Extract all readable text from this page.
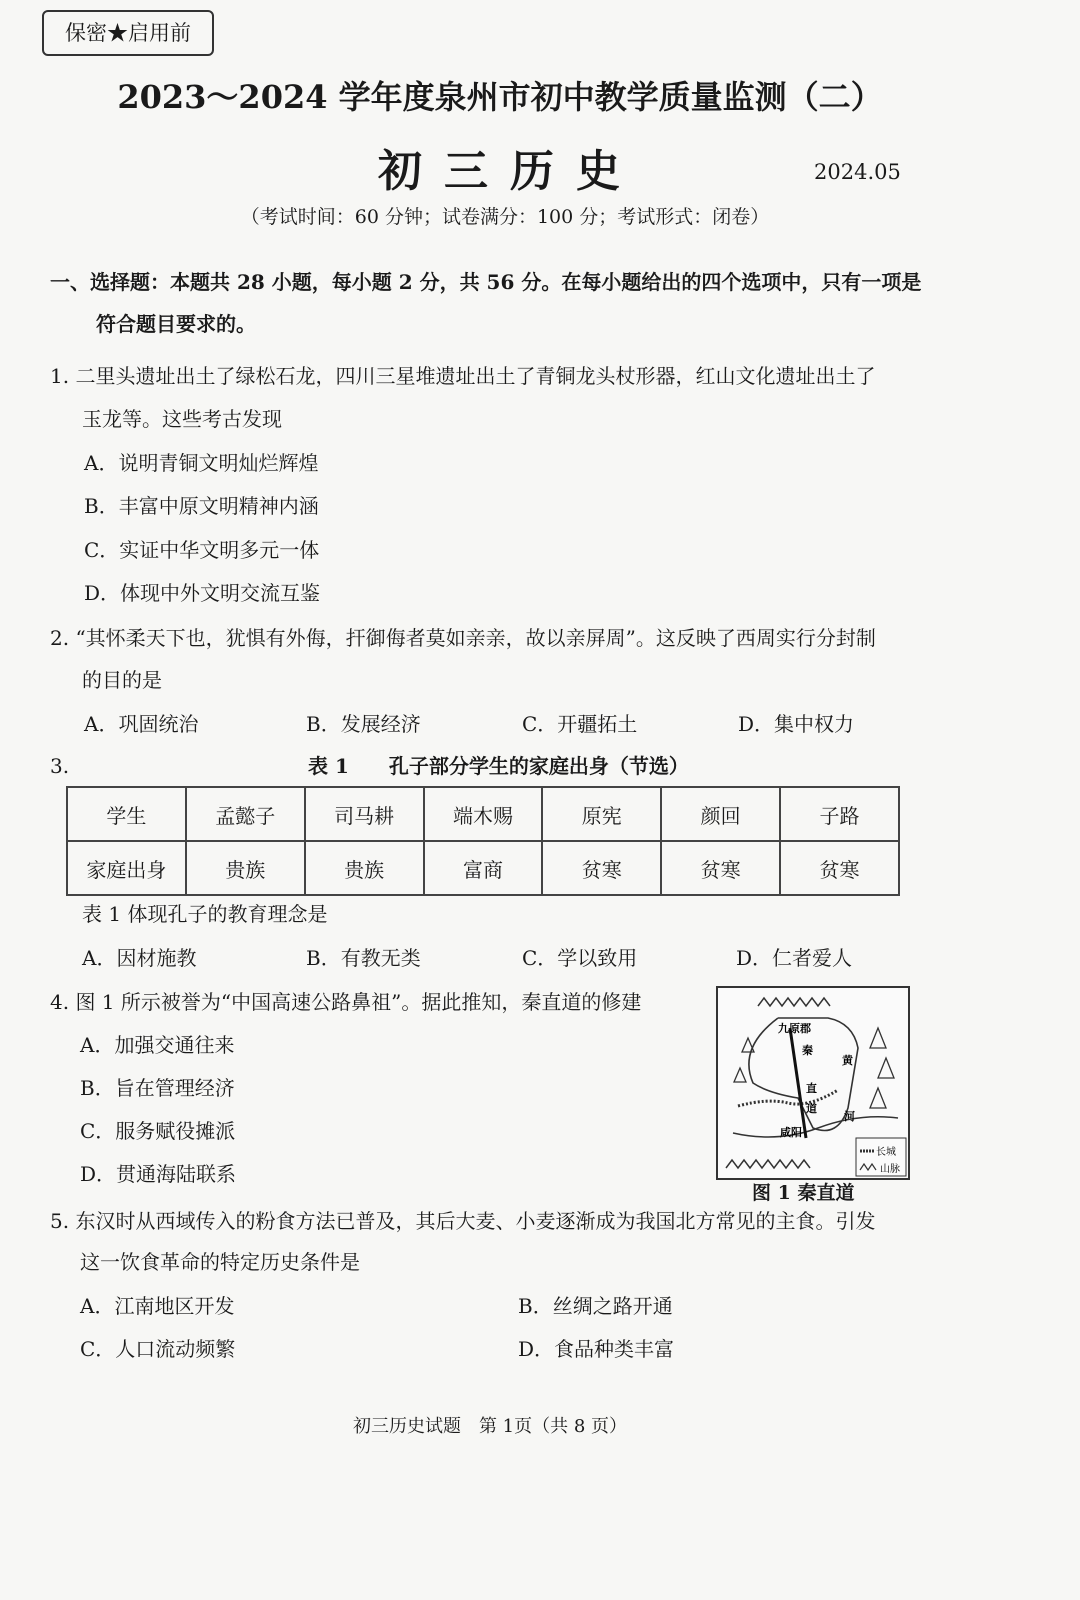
保密★启用前
2023～2024 学年度泉州市初中教学质量监测（二）
初三历史	2024.05
（考试时间：60 分钟；试卷满分：100 分；考试形式：闭卷）
一、选择题：本题共 28 小题，每小题 2 分，共 56 分。在每小题给出的四个选项中，只有一项是
符合题目要求的。
1. 二里头遗址出土了绿松石龙，四川三星堆遗址出土了青铜龙头杖形器，红山文化遗址出土了
玉龙等。这些考古发现
A．说明青铜文明灿烂辉煌
B．丰富中原文明精神内涵
C．实证中华文明多元一体
D．体现中外文明交流互鉴
2. “其怀柔天下也，犹惧有外侮，扞御侮者莫如亲亲，故以亲屏周”。这反映了西周实行分封制
的目的是
A．巩固统治	B．发展经济	C．开疆拓土	D．集中权力
3.	表 1　　孔子部分学生的家庭出身（节选）
学生	孟懿子	司马耕	端木赐	原宪	颜回	子路
家庭出身	贵族	贵族	富商	贫寒	贫寒	贫寒
表 1 体现孔子的教育理念是
A．因材施教	B．有教无类	C．学以致用	D．仁者爱人
4. 图 1 所示被誉为“中国高速公路鼻祖”。据此推知，秦直道的修建
A．加强交通往来
B．旨在管理经济
C．服务赋役摊派
D．贯通海陆联系
九原郡
秦
直
道
咸阳
黄
河
长城
山脉
图 1 秦直道
5. 东汉时从西域传入的粉食方法已普及，其后大麦、小麦逐渐成为我国北方常见的主食。引发
这一饮食革命的特定历史条件是
A．江南地区开发	B．丝绸之路开通
C．人口流动频繁	D．食品种类丰富
初三历史试题　第 1页（共 8 页）
